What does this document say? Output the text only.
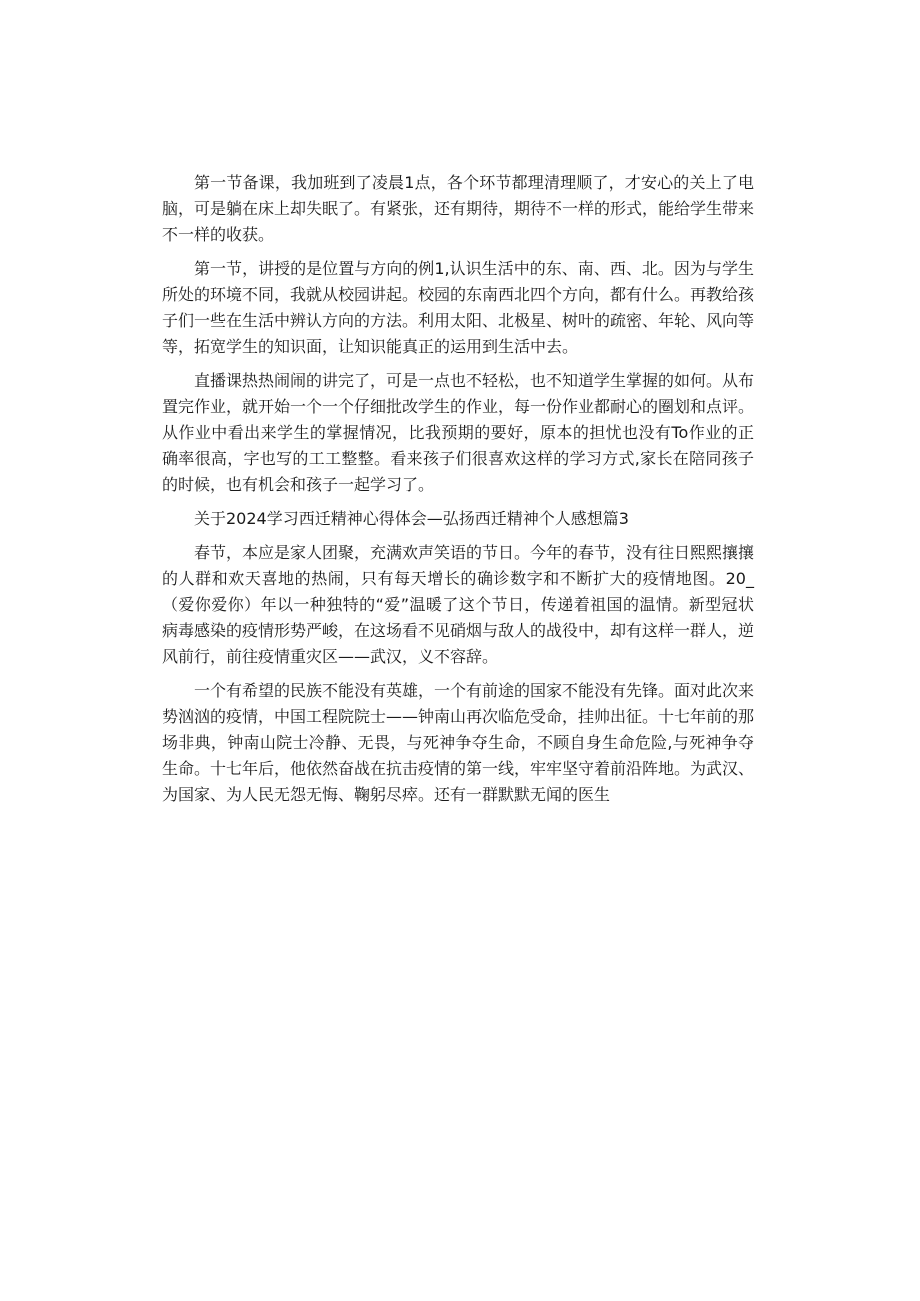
第一节备课，我加班到了凌晨1点，各个环节都理清理顺了，才安心的关上了电脑，可是躺在床上却失眠了。有紧张，还有期待，期待不一样的形式，能给学生带来不一样的收获。

第一节，讲授的是位置与方向的例1,认识生活中的东、南、西、北。因为与学生所处的环境不同，我就从校园讲起。校园的东南西北四个方向，都有什么。再教给孩子们一些在生活中辨认方向的方法。利用太阳、北极星、树叶的疏密、年轮、风向等等，拓宽学生的知识面，让知识能真正的运用到生活中去。

直播课热热闹闹的讲完了，可是一点也不轻松，也不知道学生掌握的如何。从布置完作业，就开始一个一个仔细批改学生的作业，每一份作业都耐心的圈划和点评。从作业中看出来学生的掌握情况，比我预期的要好，原本的担忧也没有To作业的正确率很高，字也写的工工整整。看来孩子们很喜欢这样的学习方式,家长在陪同孩子的时候，也有机会和孩子一起学习了。

关于2024学习西迁精神心得体会—弘扬西迁精神个人感想篇3

春节，本应是家人团聚，充满欢声笑语的节日。今年的春节，没有往日熙熙攘攘的人群和欢天喜地的热闹，只有每天增长的确诊数字和不断扩大的疫情地图。20_（爱你爱你）年以一种独特的“爱”温暖了这个节日，传递着祖国的温情。新型冠状病毒感染的疫情形势严峻，在这场看不见硝烟与敌人的战役中，却有这样一群人，逆风前行，前往疫情重灾区——武汉，义不容辞。

一个有希望的民族不能没有英雄，一个有前途的国家不能没有先锋。面对此次来势汹汹的疫情，中国工程院院士——钟南山再次临危受命，挂帅出征。十七年前的那场非典，钟南山院士冷静、无畏，与死神争夺生命，不顾自身生命危险,与死神争夺生命。十七年后，他依然奋战在抗击疫情的第一线，牢牢坚守着前沿阵地。为武汉、为国家、为人民无怨无悔、鞠躬尽瘁。还有一群默默无闻的医生
